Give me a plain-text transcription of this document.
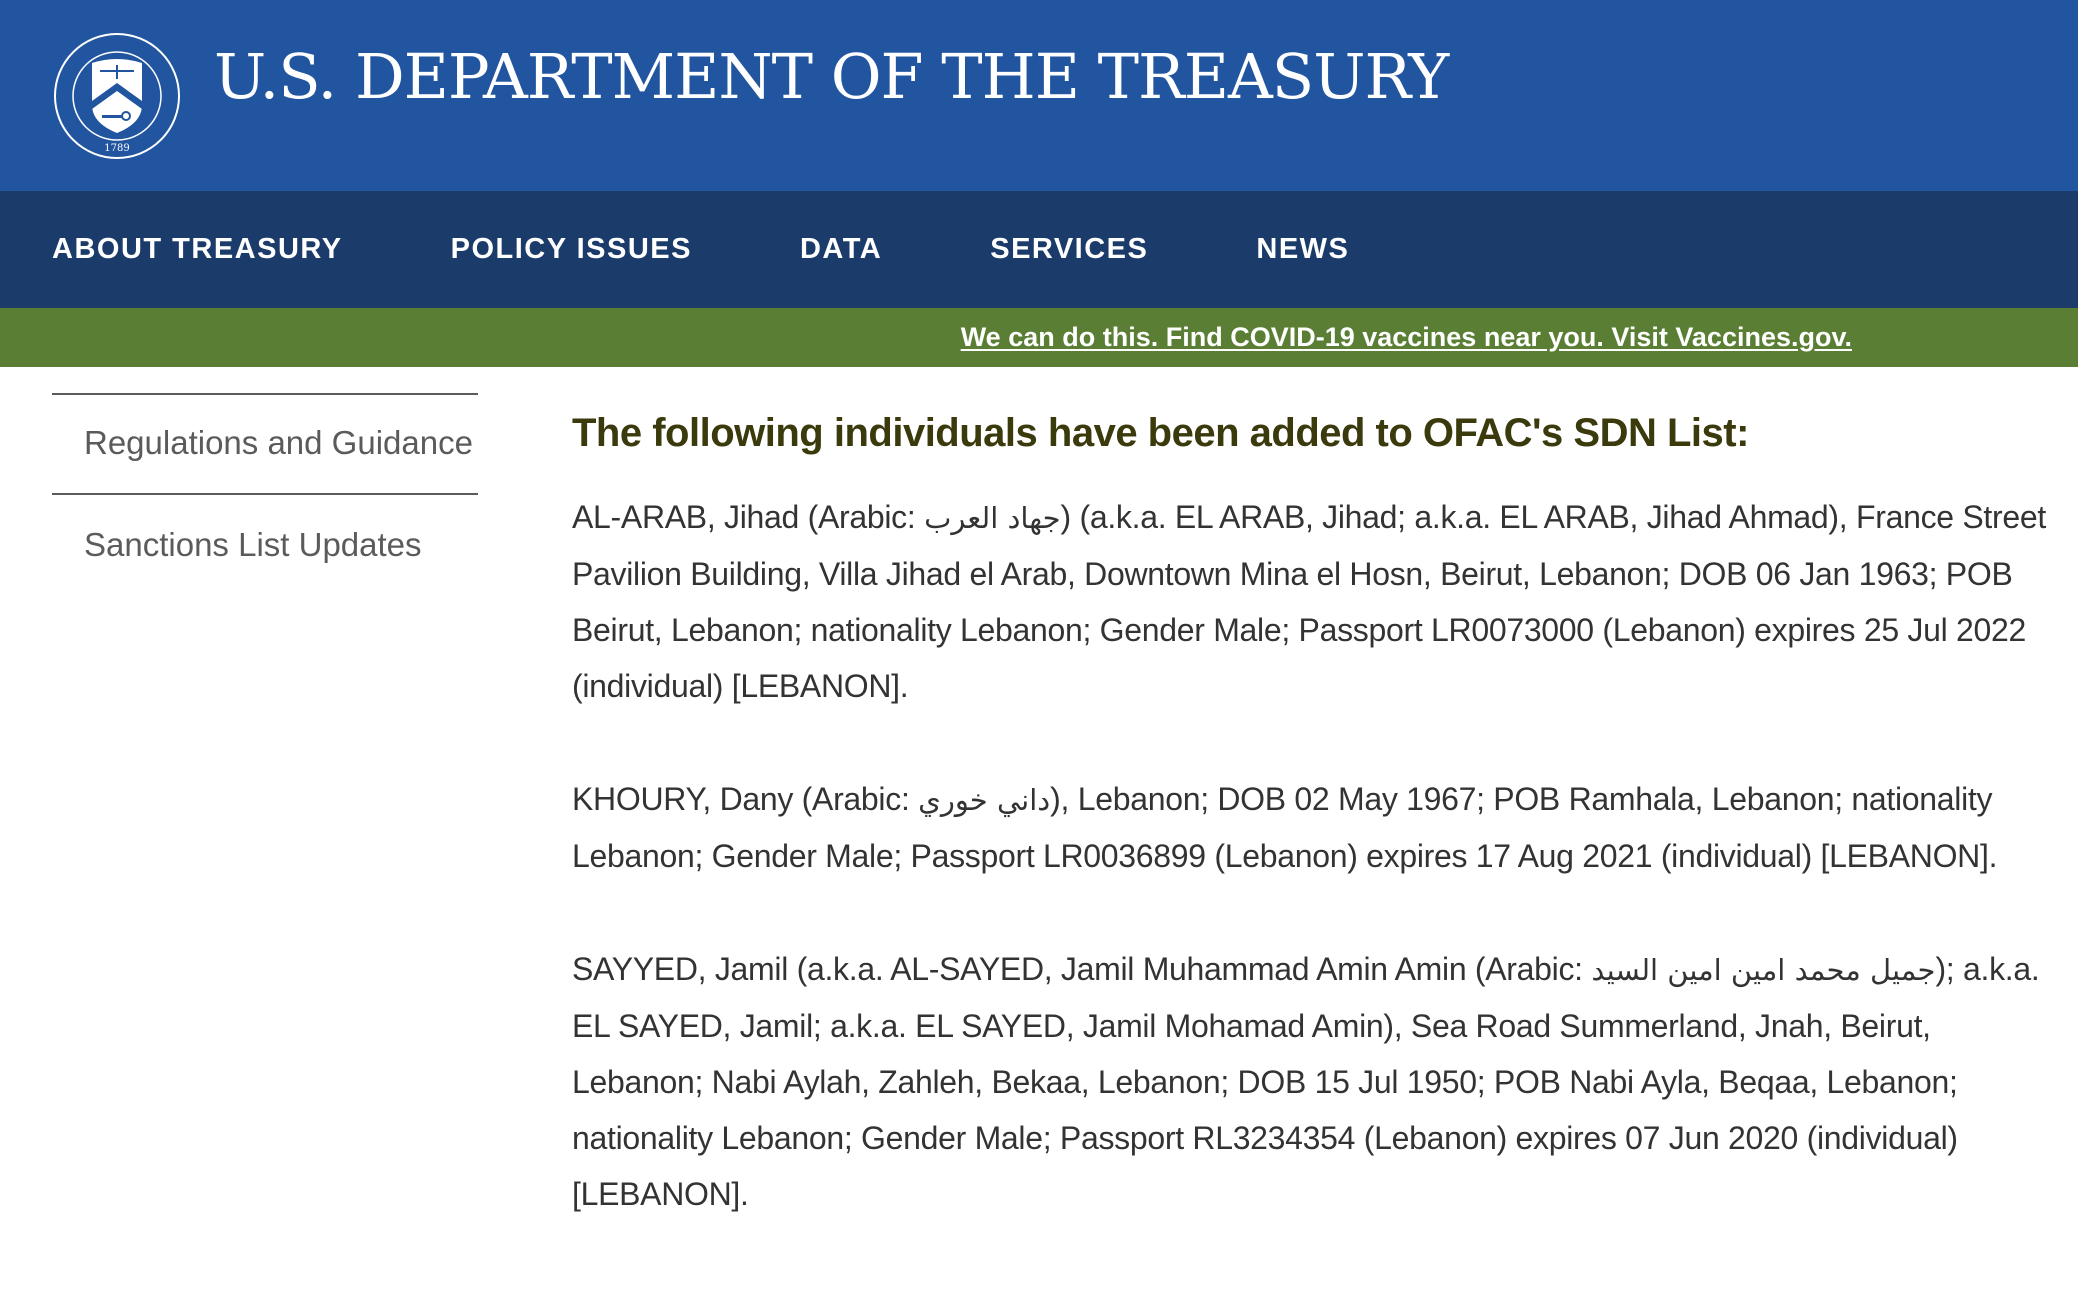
1789
U.S. DEPARTMENT OF THE TREASURY
ABOUT TREASURY	POLICY ISSUES	DATA	SERVICES	NEWS
We can do this. Find COVID-19 vaccines near you. Visit Vaccines.gov.
Regulations and Guidance
Sanctions List Updates
The following individuals have been added to OFAC's SDN List:

AL-ARAB, Jihad (Arabic: جهاد العرب) (a.k.a. EL ARAB, Jihad; a.k.a. EL ARAB, Jihad Ahmad), France Street Pavilion Building, Villa Jihad el Arab, Downtown Mina el Hosn, Beirut, Lebanon; DOB 06 Jan 1963; POB Beirut, Lebanon; nationality Lebanon; Gender Male; Passport LR0073000 (Lebanon) expires 25 Jul 2022 (individual) [LEBANON].

KHOURY, Dany (Arabic: داني خوري), Lebanon; DOB 02 May 1967; POB Ramhala, Lebanon; nationality Lebanon; Gender Male; Passport LR0036899 (Lebanon) expires 17 Aug 2021 (individual) [LEBANON].

SAYYED, Jamil (a.k.a. AL-SAYED, Jamil Muhammad Amin Amin (Arabic: جميل محمد امين امين السيد); a.k.a. EL SAYED, Jamil; a.k.a. EL SAYED, Jamil Mohamad Amin), Sea Road Summerland, Jnah, Beirut, Lebanon; Nabi Aylah, Zahleh, Bekaa, Lebanon; DOB 15 Jul 1950; POB Nabi Ayla, Beqaa, Lebanon; nationality Lebanon; Gender Male; Passport RL3234354 (Lebanon) expires 07 Jun 2020 (individual) [LEBANON].
